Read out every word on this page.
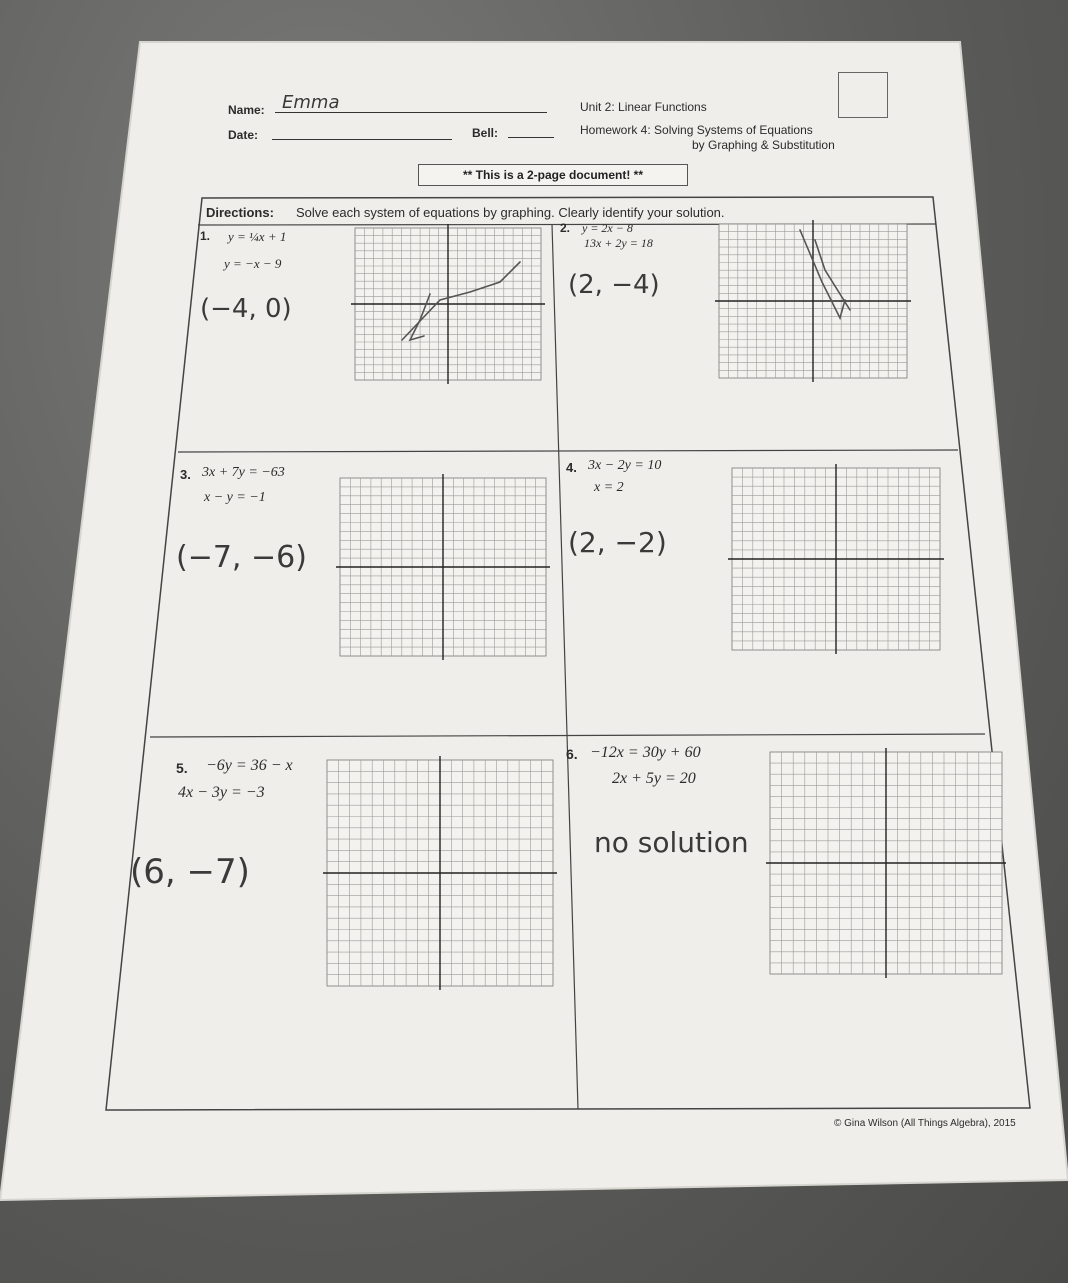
Name: Emma
Date:	Bell:
Unit 2: Linear Functions
Homework 4: Solving Systems of Equations
by Graphing & Substitution
** This is a 2-page document! **
Directions: Solve each system of equations by graphing. Clearly identify your solution.
1. y = ¼x + 1
y = −x − 9
(−4, 0)
2. y = 2x − 8
13x + 2y = 18
(2, −4)
3. 3x + 7y = −63
x − y = −1
(−7, −6)
4. 3x − 2y = 10
x = 2
(2, −2)
5. −6y = 36 − x
4x − 3y = −3
(6, −7)
6. −12x = 30y + 60
2x + 5y = 20
no solution
© Gina Wilson (All Things Algebra), 2015
